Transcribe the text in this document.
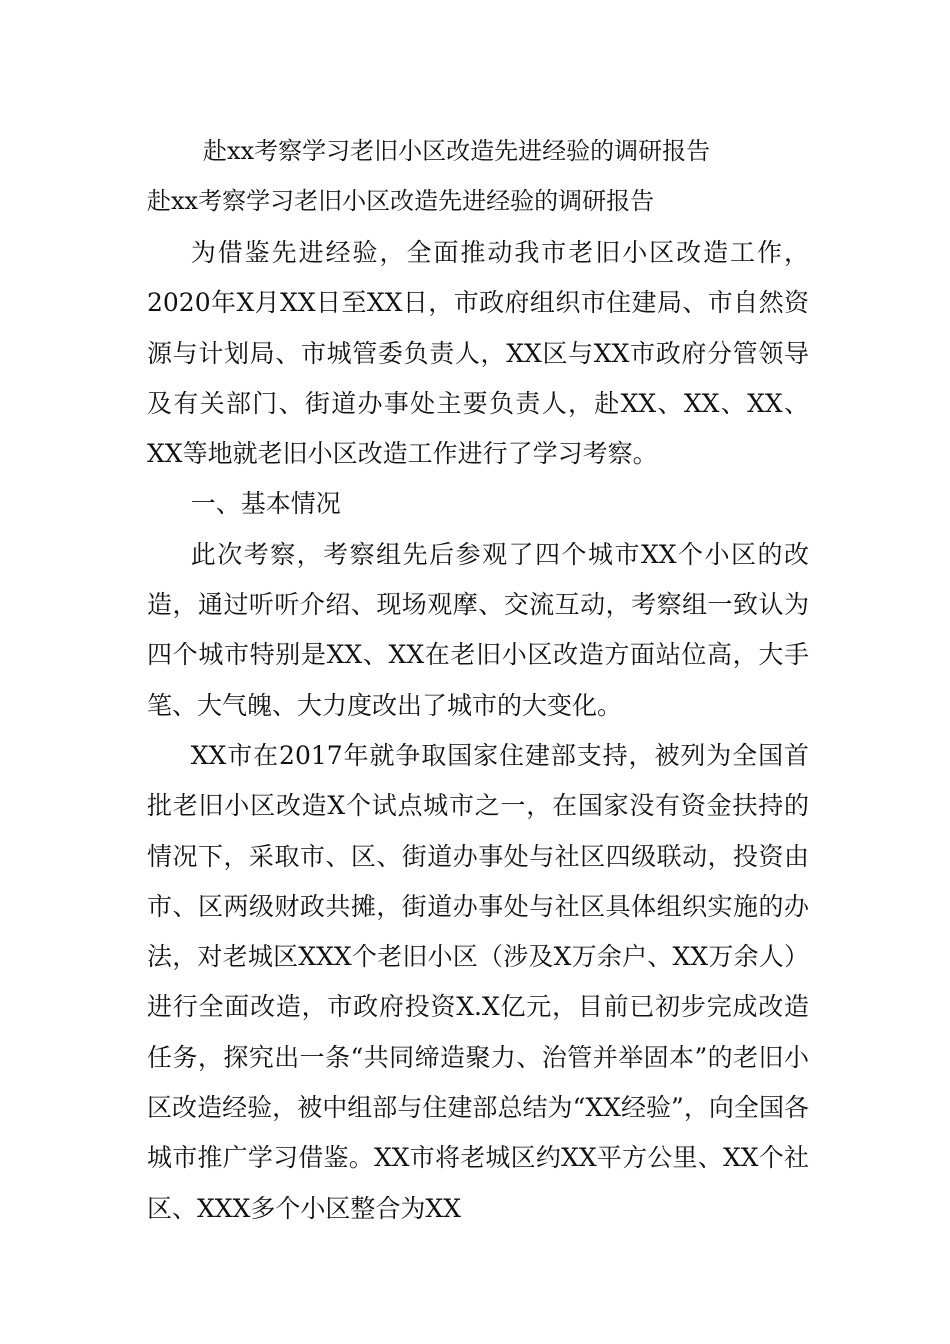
赴xx考察学习老旧小区改造先进经验的调研报告
赴xx考察学习老旧小区改造先进经验的调研报告

为借鉴先进经验，全面推动我市老旧小区改造工作，2020年X月XX日至XX日，市政府组织市住建局、市自然资源与计划局、市城管委负责人，XX区与XX市政府分管领导及有关部门、街道办事处主要负责人，赴XX、XX、XX、XX等地就老旧小区改造工作进行了学习考察。

一、基本情况

此次考察，考察组先后参观了四个城市XX个小区的改造，通过听听介绍、现场观摩、交流互动，考察组一致认为四个城市特别是XX、XX在老旧小区改造方面站位高，大手笔、大气魄、大力度改出了城市的大变化。

XX市在2017年就争取国家住建部支持，被列为全国首批老旧小区改造X个试点城市之一，在国家没有资金扶持的情况下，采取市、区、街道办事处与社区四级联动，投资由市、区两级财政共摊，街道办事处与社区具体组织实施的办法，对老城区XXX个老旧小区（涉及X万余户、XX万余人）进行全面改造，市政府投资X.X亿元，目前已初步完成改造任务，探究出一条“共同缔造聚力、治管并举固本”的老旧小区改造经验，被中组部与住建部总结为“XX经验”，向全国各城市推广学习借鉴。XX市将老城区约XX平方公里、XX个社区、XXX多个小区整合为XX
